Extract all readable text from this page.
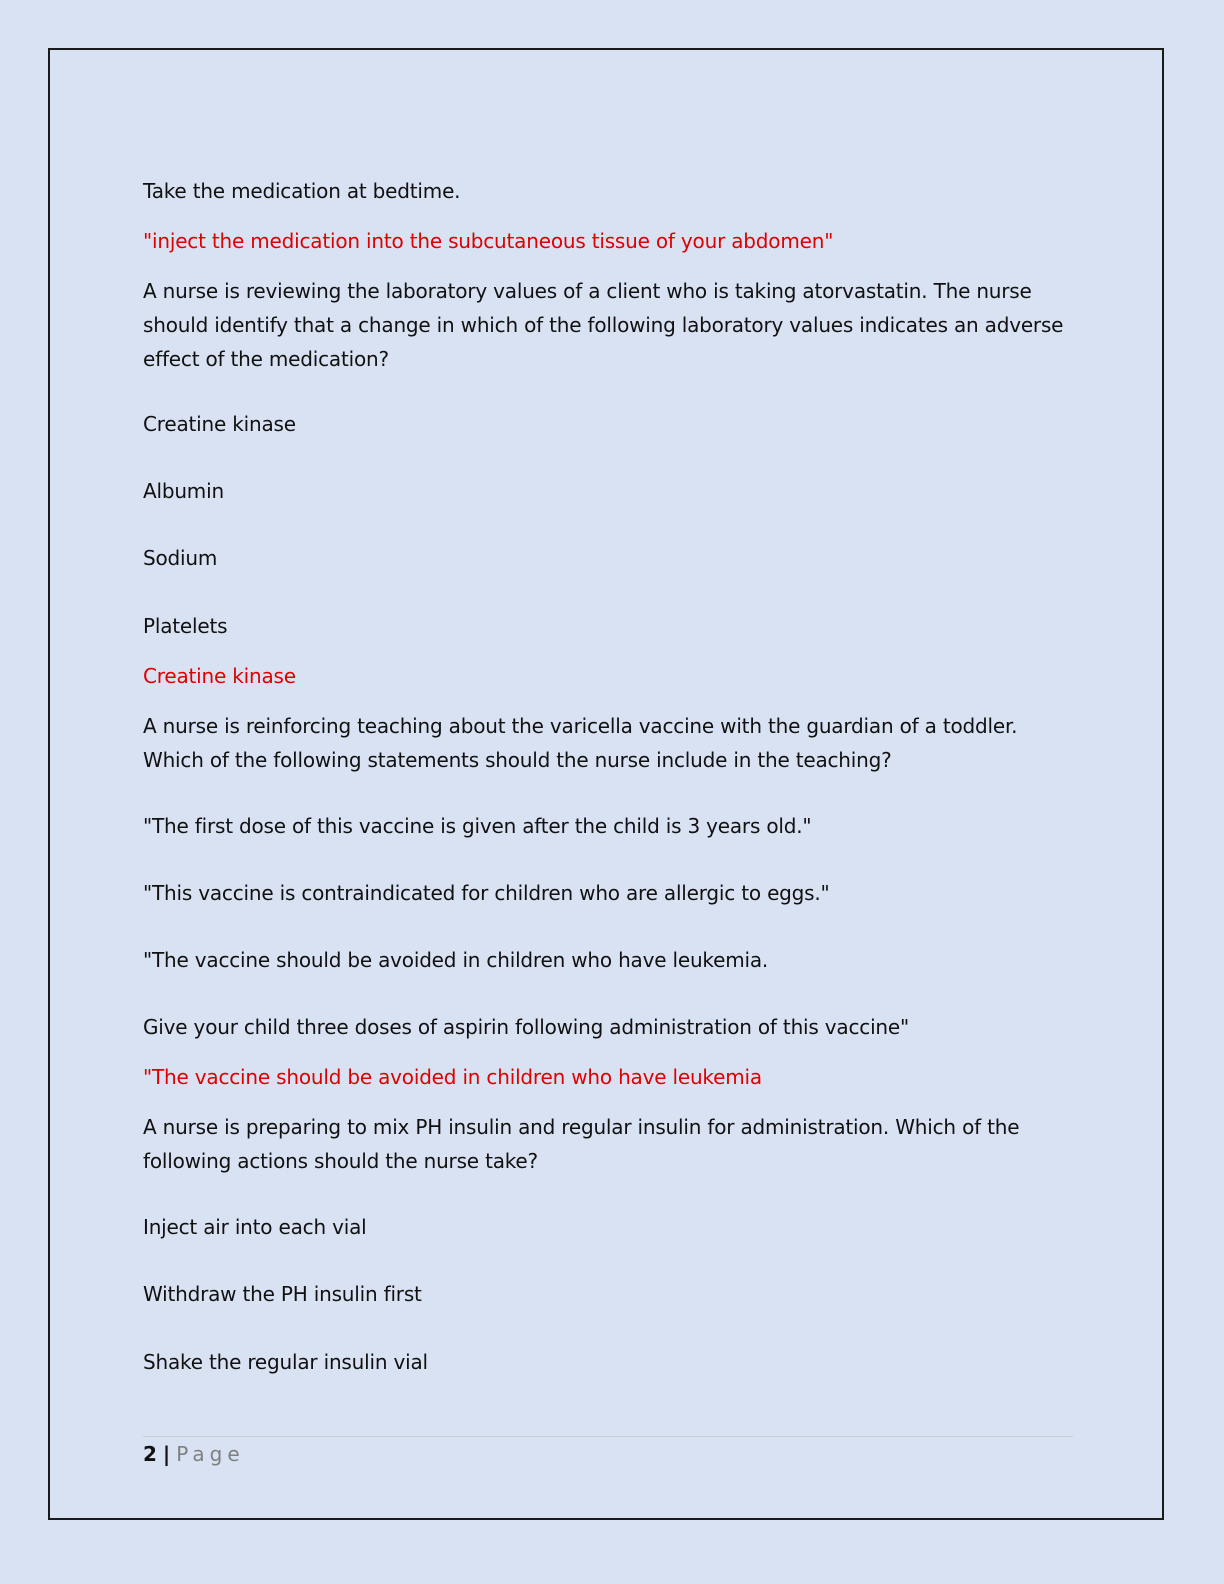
Take the medication at bedtime.
"inject the medication into the subcutaneous tissue of your abdomen"
A nurse is reviewing the laboratory values of a client who is taking atorvastatin. The nurse should identify that a change in which of the following laboratory values indicates an adverse effect of the medication?
Creatine kinase
Albumin
Sodium
Platelets
Creatine kinase
A nurse is reinforcing teaching about the varicella vaccine with the guardian of a toddler. Which of the following statements should the nurse include in the teaching?
"The first dose of this vaccine is given after the child is 3 years old."
"This vaccine is contraindicated for children who are allergic to eggs."
"The vaccine should be avoided in children who have leukemia.
Give your child three doses of aspirin following administration of this vaccine"
"The vaccine should be avoided in children who have leukemia
A nurse is preparing to mix PH insulin and regular insulin for administration. Which of the following actions should the nurse take?
Inject air into each vial
Withdraw the PH insulin first
Shake the regular insulin vial
2 | Page
